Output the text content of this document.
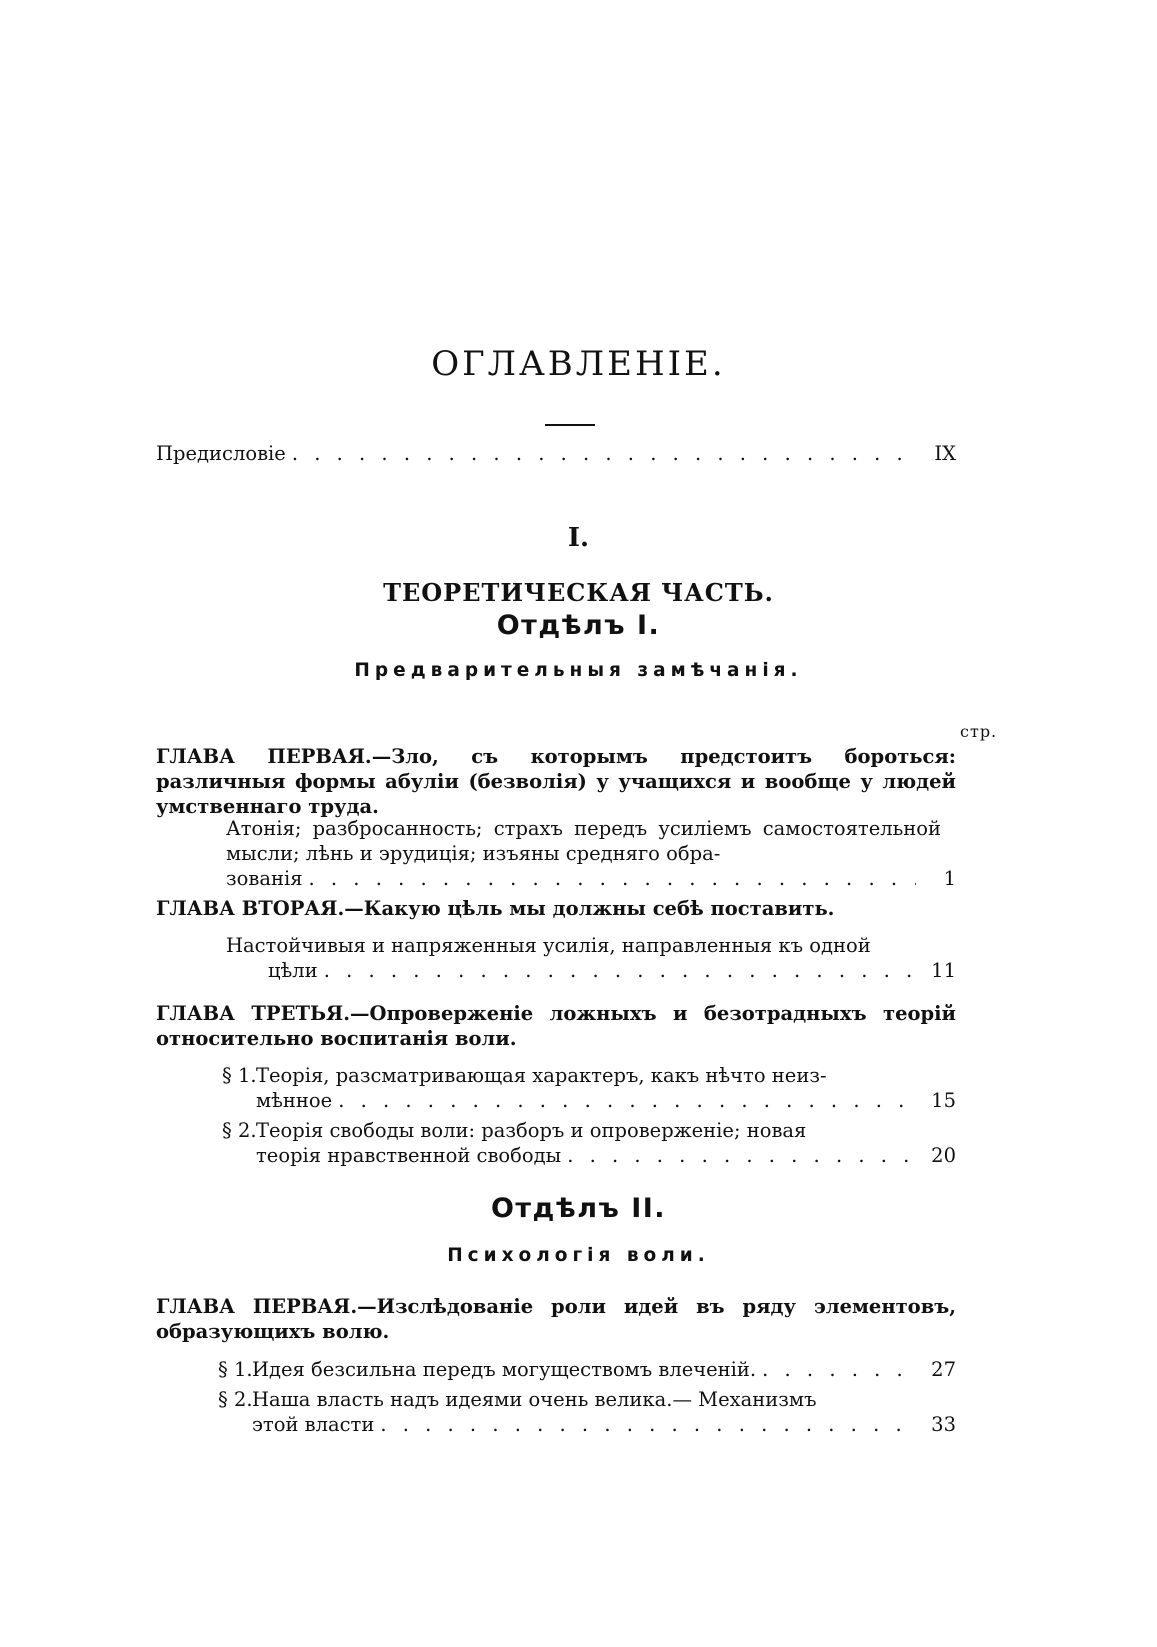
ОГЛАВЛЕНІЕ.
Предисловіе . . .	IX
I.
ТЕОРЕТИЧЕСКАЯ ЧАСТЬ.
Отдѣлъ I.
Предварительныя замѣчанія.
стр.
ГЛАВА ПЕРВАЯ.—Зло, съ которымъ предстоитъ бороться: различныя формы абуліи (безволія) у учащихся и вообще у людей умственнаго труда.
Атонія; разбросанность; страхъ передъ усиліемъ самостоятельной мысли; лѣнь и эрудиція; изъяны средняго обра-
зованія . . .	1
ГЛАВА ВТОРАЯ.—Какую цѣль мы должны себѣ поставить.
Настойчивыя и напряженныя усилія, направленныя къ одной
цѣли . . .	11
ГЛАВА ТРЕТЬЯ.—Опроверженіе ложныхъ и безотрадныхъ теорій относительно воспитанія воли.
§ 1. Теорія, разсматривающая характеръ, какъ нѣчто неиз-
мѣнное . . .	15
§ 2. Теорія свободы воли: разборъ и опроверженіе; новая
теорія нравственной свободы . . .	20
Отдѣлъ II.
Психологія воли.
ГЛАВА ПЕРВАЯ.—Изслѣдованіе роли идей въ ряду элементовъ, образующихъ волю.
§ 1. Идея безсильна передъ могуществомъ влеченій. . . .	27
§ 2. Наша власть надъ идеями очень велика.— Механизмъ
этой власти . . .	33
